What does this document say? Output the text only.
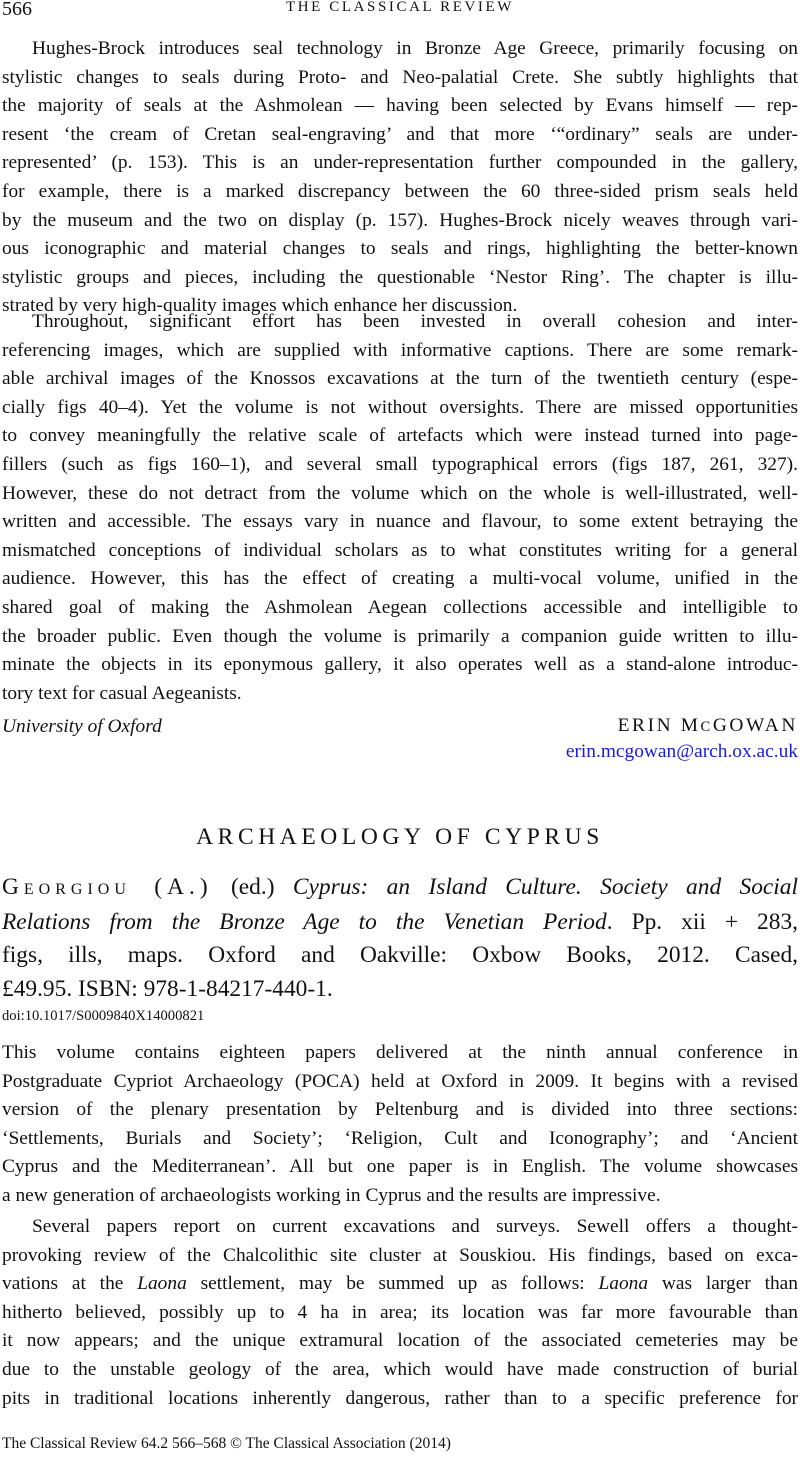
566	THE CLASSICAL REVIEW

Hughes-Brock introduces seal technology in Bronze Age Greece, primarily focusing on
stylistic changes to seals during Proto- and Neo-palatial Crete. She subtly highlights that
the majority of seals at the Ashmolean — having been selected by Evans himself — rep-
resent ‘the cream of Cretan seal-engraving’ and that more ‘“ordinary” seals are under-
represented’ (p. 153). This is an under-representation further compounded in the gallery,
for example, there is a marked discrepancy between the 60 three-sided prism seals held
by the museum and the two on display (p. 157). Hughes-Brock nicely weaves through vari-
ous iconographic and material changes to seals and rings, highlighting the better-known
stylistic groups and pieces, including the questionable ‘Nestor Ring’. The chapter is illu-
strated by very high-quality images which enhance her discussion.

Throughout, significant effort has been invested in overall cohesion and inter-
referencing images, which are supplied with informative captions. There are some remark-
able archival images of the Knossos excavations at the turn of the twentieth century (espe-
cially figs 40–4). Yet the volume is not without oversights. There are missed opportunities
to convey meaningfully the relative scale of artefacts which were instead turned into page-
fillers (such as figs 160–1), and several small typographical errors (figs 187, 261, 327).
However, these do not detract from the volume which on the whole is well-illustrated, well-
written and accessible. The essays vary in nuance and flavour, to some extent betraying the
mismatched conceptions of individual scholars as to what constitutes writing for a general
audience. However, this has the effect of creating a multi-vocal volume, unified in the
shared goal of making the Ashmolean Aegean collections accessible and intelligible to
the broader public. Even though the volume is primarily a companion guide written to illu-
minate the objects in its eponymous gallery, it also operates well as a stand-alone introduc-
tory text for casual Aegeanists.

University of Oxford	ERIN MCGOWAN
erin.mcgowan@arch.ox.ac.uk
ARCHAEOLOGY OF CYPRUS

GEORGIOU (A.) (ed.) Cyprus: an Island Culture. Society and Social
Relations from the Bronze Age to the Venetian Period. Pp. xii + 283,
figs, ills, maps. Oxford and Oakville: Oxbow Books, 2012. Cased,
£49.95. ISBN: 978-1-84217-440-1.

doi:10.1017/S0009840X14000821

This volume contains eighteen papers delivered at the ninth annual conference in
Postgraduate Cypriot Archaeology (POCA) held at Oxford in 2009. It begins with a revised
version of the plenary presentation by Peltenburg and is divided into three sections:
‘Settlements, Burials and Society’; ‘Religion, Cult and Iconography’; and ‘Ancient
Cyprus and the Mediterranean’. All but one paper is in English. The volume showcases
a new generation of archaeologists working in Cyprus and the results are impressive.

Several papers report on current excavations and surveys. Sewell offers a thought-
provoking review of the Chalcolithic site cluster at Souskiou. His findings, based on exca-
vations at the Laona settlement, may be summed up as follows: Laona was larger than
hitherto believed, possibly up to 4 ha in area; its location was far more favourable than
it now appears; and the unique extramural location of the associated cemeteries may be
due to the unstable geology of the area, which would have made construction of burial
pits in traditional locations inherently dangerous, rather than to a specific preference for

The Classical Review 64.2 566–568 © The Classical Association (2014)
